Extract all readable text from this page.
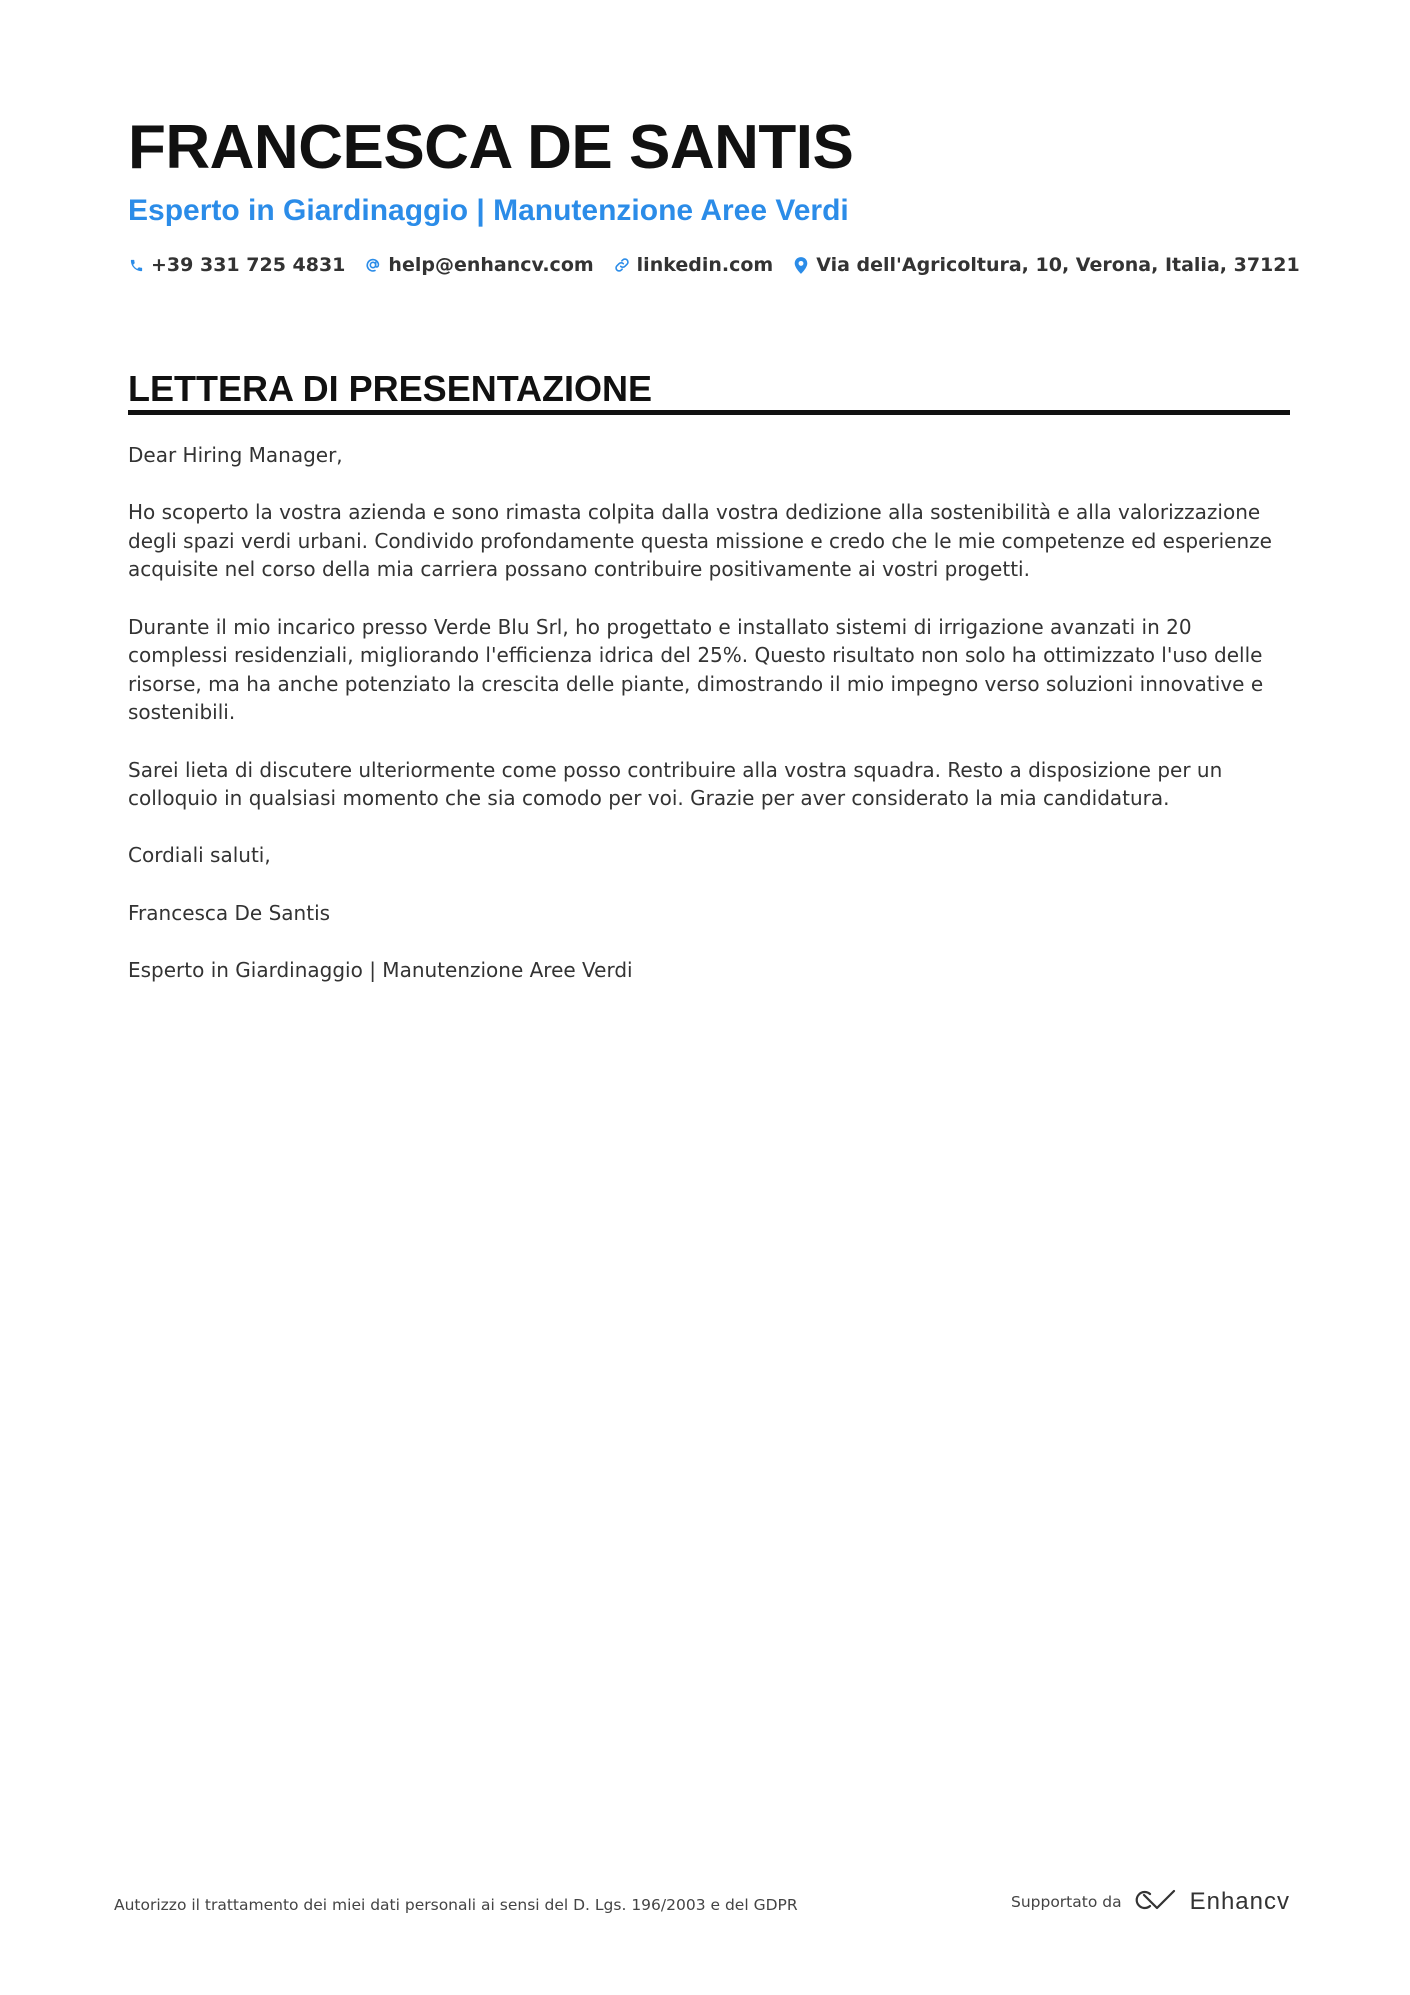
FRANCESCA DE SANTIS
Esperto in Giardinaggio | Manutenzione Aree Verdi
+39 331 725 4831 help@enhancv.com linkedin.com Via dell'Agricoltura, 10, Verona, Italia, 37121
LETTERA DI PRESENTAZIONE

Dear Hiring Manager,

Ho scoperto la vostra azienda e sono rimasta colpita dalla vostra dedizione alla sostenibilità e alla valorizzazione degli spazi verdi urbani. Condivido profondamente questa missione e credo che le mie competenze ed esperienze acquisite nel corso della mia carriera possano contribuire positivamente ai vostri progetti.

Durante il mio incarico presso Verde Blu Srl, ho progettato e installato sistemi di irrigazione avanzati in 20 complessi residenziali, migliorando l'efficienza idrica del 25%. Questo risultato non solo ha ottimizzato l'uso delle risorse, ma ha anche potenziato la crescita delle piante, dimostrando il mio impegno verso soluzioni innovative e sostenibili.

Sarei lieta di discutere ulteriormente come posso contribuire alla vostra squadra. Resto a disposizione per un colloquio in qualsiasi momento che sia comodo per voi. Grazie per aver considerato la mia candidatura.

Cordiali saluti,

Francesca De Santis

Esperto in Giardinaggio | Manutenzione Aree Verdi

Autorizzo il trattamento dei miei dati personali ai sensi del D. Lgs. 196/2003 e del GDPR	Supportato da	Enhancv
